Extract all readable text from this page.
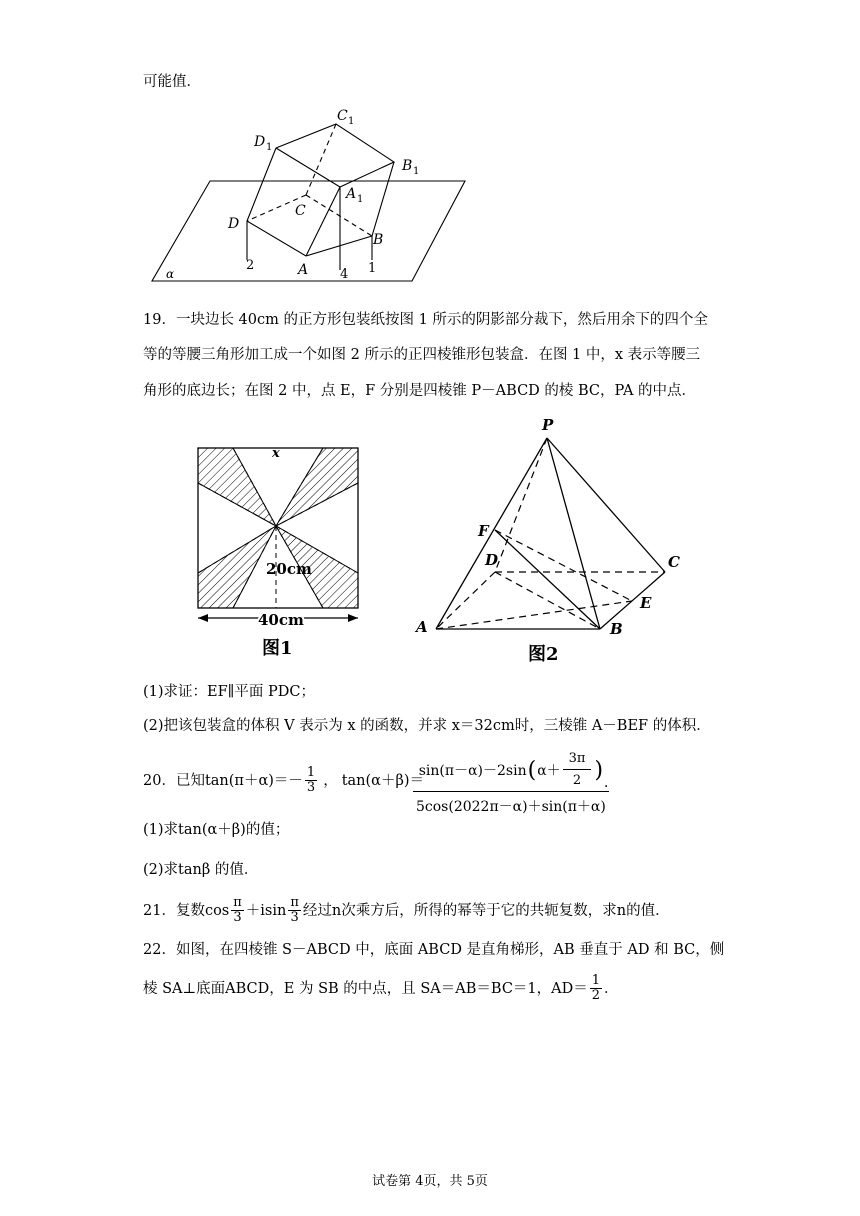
可能值．
D 1
C 1
B 1
A 1
C
D
B
A
α
2
4 1
19．一块边长 40cm 的正方形包装纸按图 1 所示的阴影部分裁下，然后用余下的四个全
等的等腰三角形加工成一个如图 2 所示的正四棱锥形包装盒．在图 1 中，x 表示等腰三
角形的底边长；在图 2 中，点 E，F 分别是四棱锥 P－ABCD 的棱 BC，PA 的中点．
x
20cm
40cm
图1
P
F
D	C
E
A	B
图2
(1)求证：EF∥平面 PDC；
(2)把该包装盒的体积 V 表示为 x 的函数，并求 x＝32cm时，三棱锥 A－BEF 的体积．
20．已知 $\tan(\pi+\alpha)=- \frac{1}{3}$ ， tan(α＋β)＝
$\frac{\sin(\pi-\alpha)-2\sin ( \alpha+ \frac{3\pi}{2} )}{5\cos(2022\pi-\alpha)+\sin(\pi+\alpha)}$
．
(1)求tan(α＋β)的值；
(2)求tanβ 的值．
21．复数$\cos \frac{\pi}{3} +isin \frac{\pi}{3}$ 经过n次乘方后，所得的幂等于它的共轭复数，求n的值．
22．如图，在四棱锥 S－ABCD 中，底面 ABCD 是直角梯形，AB 垂直于 AD 和 BC，侧
棱 SA⊥底面ABCD，E 为 SB 的中点，且 SA＝AB＝BC＝1，$AD= \frac{1}{2}$ ．
试卷第 4页，共 5页
